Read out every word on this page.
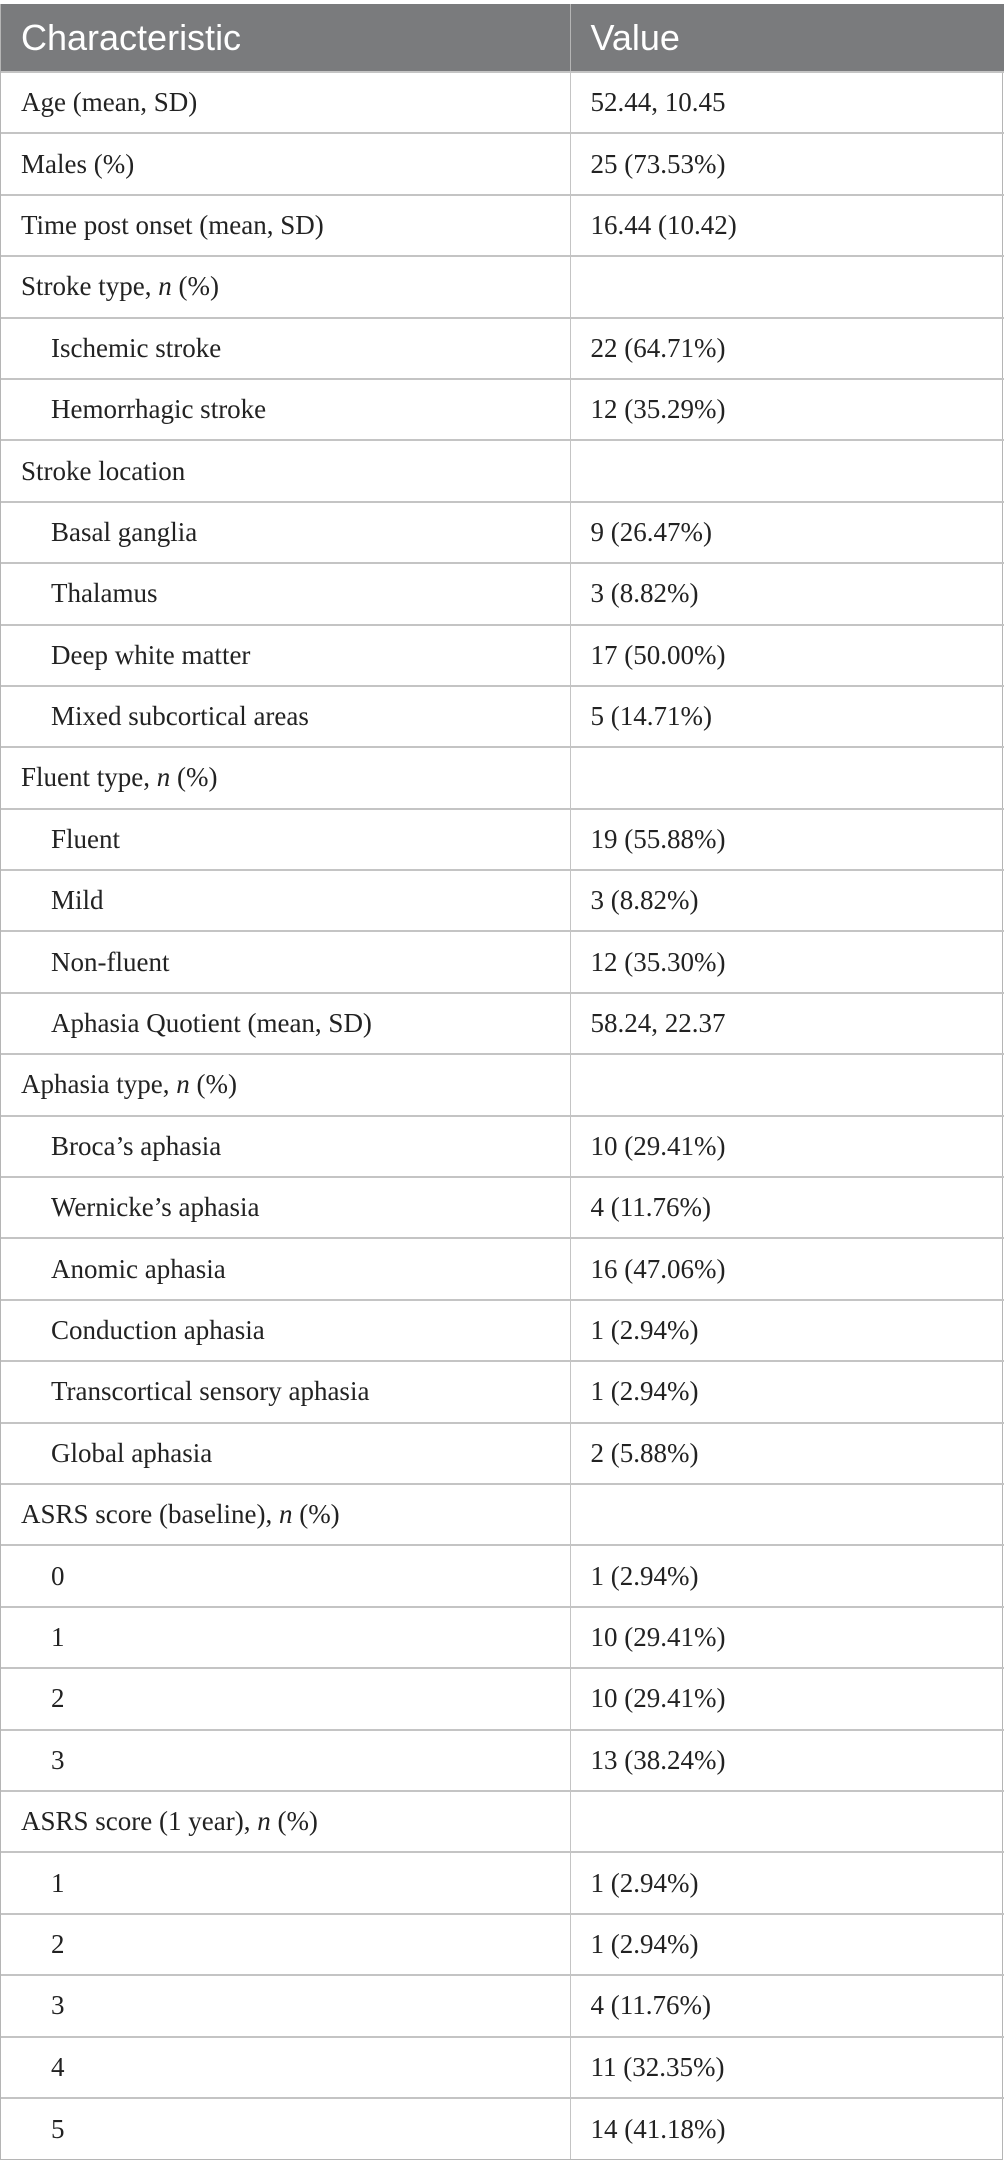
Characteristic	Value
Age (mean, SD)	52.44, 10.45
Males (%)	25 (73.53%)
Time post onset (mean, SD)	16.44 (10.42)
Stroke type, n (%)	
Ischemic stroke	22 (64.71%)
Hemorrhagic stroke	12 (35.29%)
Stroke location	
Basal ganglia	9 (26.47%)
Thalamus	3 (8.82%)
Deep white matter	17 (50.00%)
Mixed subcortical areas	5 (14.71%)
Fluent type, n (%)	
Fluent	19 (55.88%)
Mild	3 (8.82%)
Non-fluent	12 (35.30%)
Aphasia Quotient (mean, SD)	58.24, 22.37
Aphasia type, n (%)	
Broca’s aphasia	10 (29.41%)
Wernicke’s aphasia	4 (11.76%)
Anomic aphasia	16 (47.06%)
Conduction aphasia	1 (2.94%)
Transcortical sensory aphasia	1 (2.94%)
Global aphasia	2 (5.88%)
ASRS score (baseline), n (%)	
0	1 (2.94%)
1	10 (29.41%)
2	10 (29.41%)
3	13 (38.24%)
ASRS score (1 year), n (%)	
1	1 (2.94%)
2	1 (2.94%)
3	4 (11.76%)
4	11 (32.35%)
5	14 (41.18%)
